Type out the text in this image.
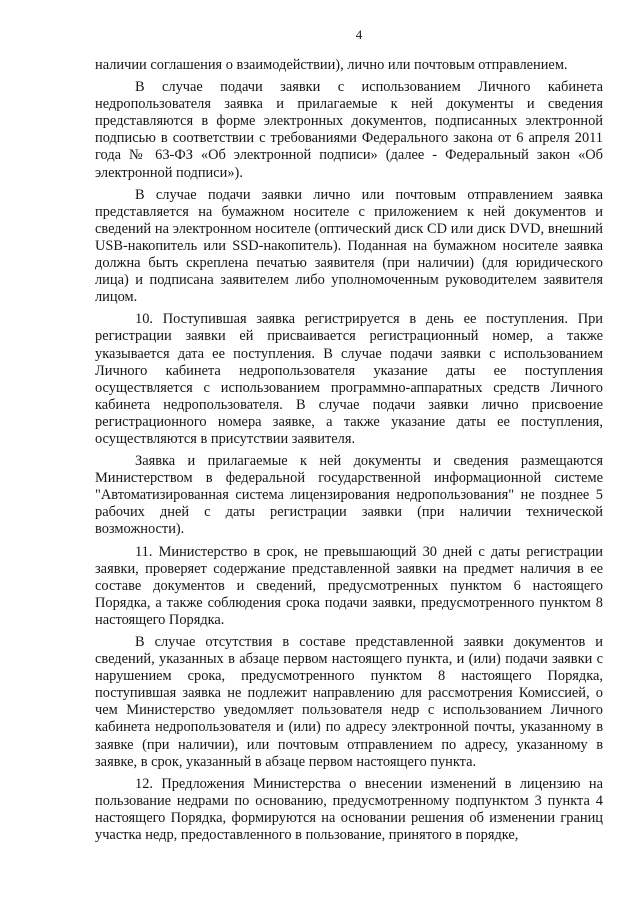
4

наличии соглашения о взаимодействии), лично или почтовым отправлением.

В случае подачи заявки с использованием Личного кабинета недропользователя заявка и прилагаемые к ней документы и сведения представляются в форме электронных документов, подписанных электронной подписью в соответствии с требованиями Федерального закона от 6 апреля 2011 года № 63-ФЗ «Об электронной подписи» (далее - Федеральный закон «Об электронной подписи»).

В случае подачи заявки лично или почтовым отправлением заявка представляется на бумажном носителе с приложением к ней документов и сведений на электронном носителе (оптический диск CD или диск DVD, внешний USB-накопитель или SSD-накопитель). Поданная на бумажном носителе заявка должна быть скреплена печатью заявителя (при наличии) (для юридического лица) и подписана заявителем либо уполномоченным руководителем заявителя лицом.

10. Поступившая заявка регистрируется в день ее поступления. При регистрации заявки ей присваивается регистрационный номер, а также указывается дата ее поступления. В случае подачи заявки с использованием Личного кабинета недропользователя указание даты ее поступления осуществляется с использованием программно-аппаратных средств Личного кабинета недропользователя. В случае подачи заявки лично присвоение регистрационного номера заявке, а также указание даты ее поступления, осуществляются в присутствии заявителя.

Заявка и прилагаемые к ней документы и сведения размещаются Министерством в федеральной государственной информационной системе "Автоматизированная система лицензирования недропользования" не позднее 5 рабочих дней с даты регистрации заявки (при наличии технической возможности).

11. Министерство в срок, не превышающий 30 дней с даты регистрации заявки, проверяет содержание представленной заявки на предмет наличия в ее составе документов и сведений, предусмотренных пунктом 6 настоящего Порядка, а также соблюдения срока подачи заявки, предусмотренного пунктом 8 настоящего Порядка.

В случае отсутствия в составе представленной заявки документов и сведений, указанных в абзаце первом настоящего пункта, и (или) подачи заявки с нарушением срока, предусмотренного пунктом 8 настоящего Порядка, поступившая заявка не подлежит направлению для рассмотрения Комиссией, о чем Министерство уведомляет пользователя недр с использованием Личного кабинета недропользователя и (или) по адресу электронной почты, указанному в заявке (при наличии), или почтовым отправлением по адресу, указанному в заявке, в срок, указанный в абзаце первом настоящего пункта.

12. Предложения Министерства о внесении изменений в лицензию на пользование недрами по основанию, предусмотренному подпунктом 3 пункта 4 настоящего Порядка, формируются на основании решения об изменении границ участка недр, предоставленного в пользование, принятого в порядке,
